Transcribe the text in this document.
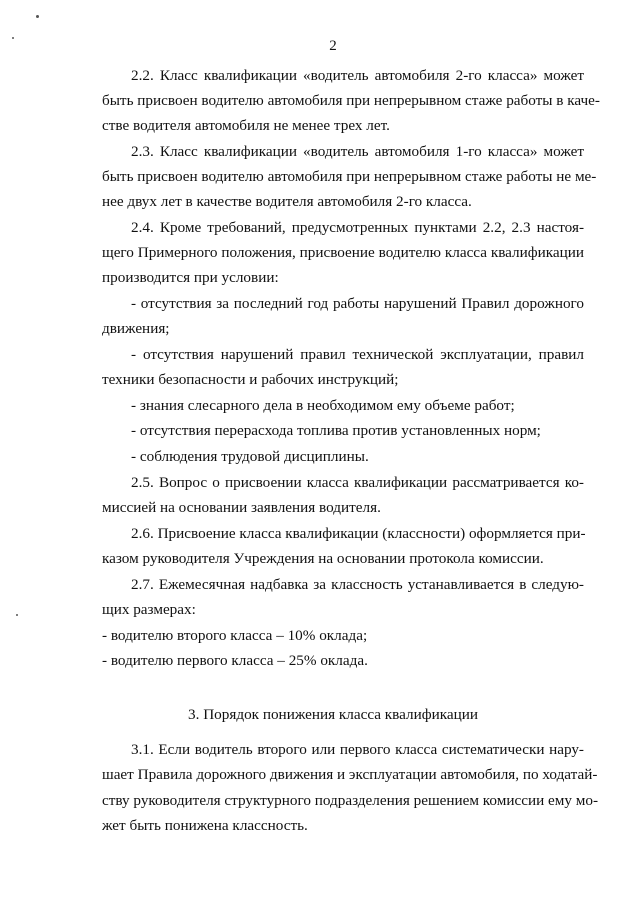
2
2.2. Класс квалификации «водитель автомобиля 2-го класса» может
быть присвоен водителю автомобиля при непрерывном стаже работы в каче-
стве водителя автомобиля не менее трех лет.
2.3. Класс квалификации «водитель автомобиля 1-го класса» может
быть присвоен водителю автомобиля при непрерывном стаже работы не ме-
нее двух лет в качестве водителя автомобиля 2-го класса.
2.4. Кроме требований, предусмотренных пунктами 2.2, 2.3 настоя-
щего Примерного положения, присвоение водителю класса квалификации
производится при условии:
- отсутствия за последний год работы нарушений Правил дорожного
движения;
- отсутствия нарушений правил технической эксплуатации, правил
техники безопасности и рабочих инструкций;
- знания слесарного дела в необходимом ему объеме работ;
- отсутствия перерасхода топлива против установленных норм;
- соблюдения трудовой дисциплины.
2.5. Вопрос о присвоении класса квалификации рассматривается ко-
миссией на основании заявления водителя.
2.6. Присвоение класса квалификации (классности) оформляется при-
казом руководителя Учреждения на основании протокола комиссии.
2.7. Ежемесячная надбавка за классность устанавливается в следую-
щих размерах:
- водителю второго класса – 10% оклада;
- водителю первого класса – 25% оклада.
3. Порядок понижения класса квалификации
3.1. Если водитель второго или первого класса систематически нару-
шает Правила дорожного движения и эксплуатации автомобиля, по ходатай-
ству руководителя структурного подразделения решением комиссии ему мо-
жет быть понижена классность.
